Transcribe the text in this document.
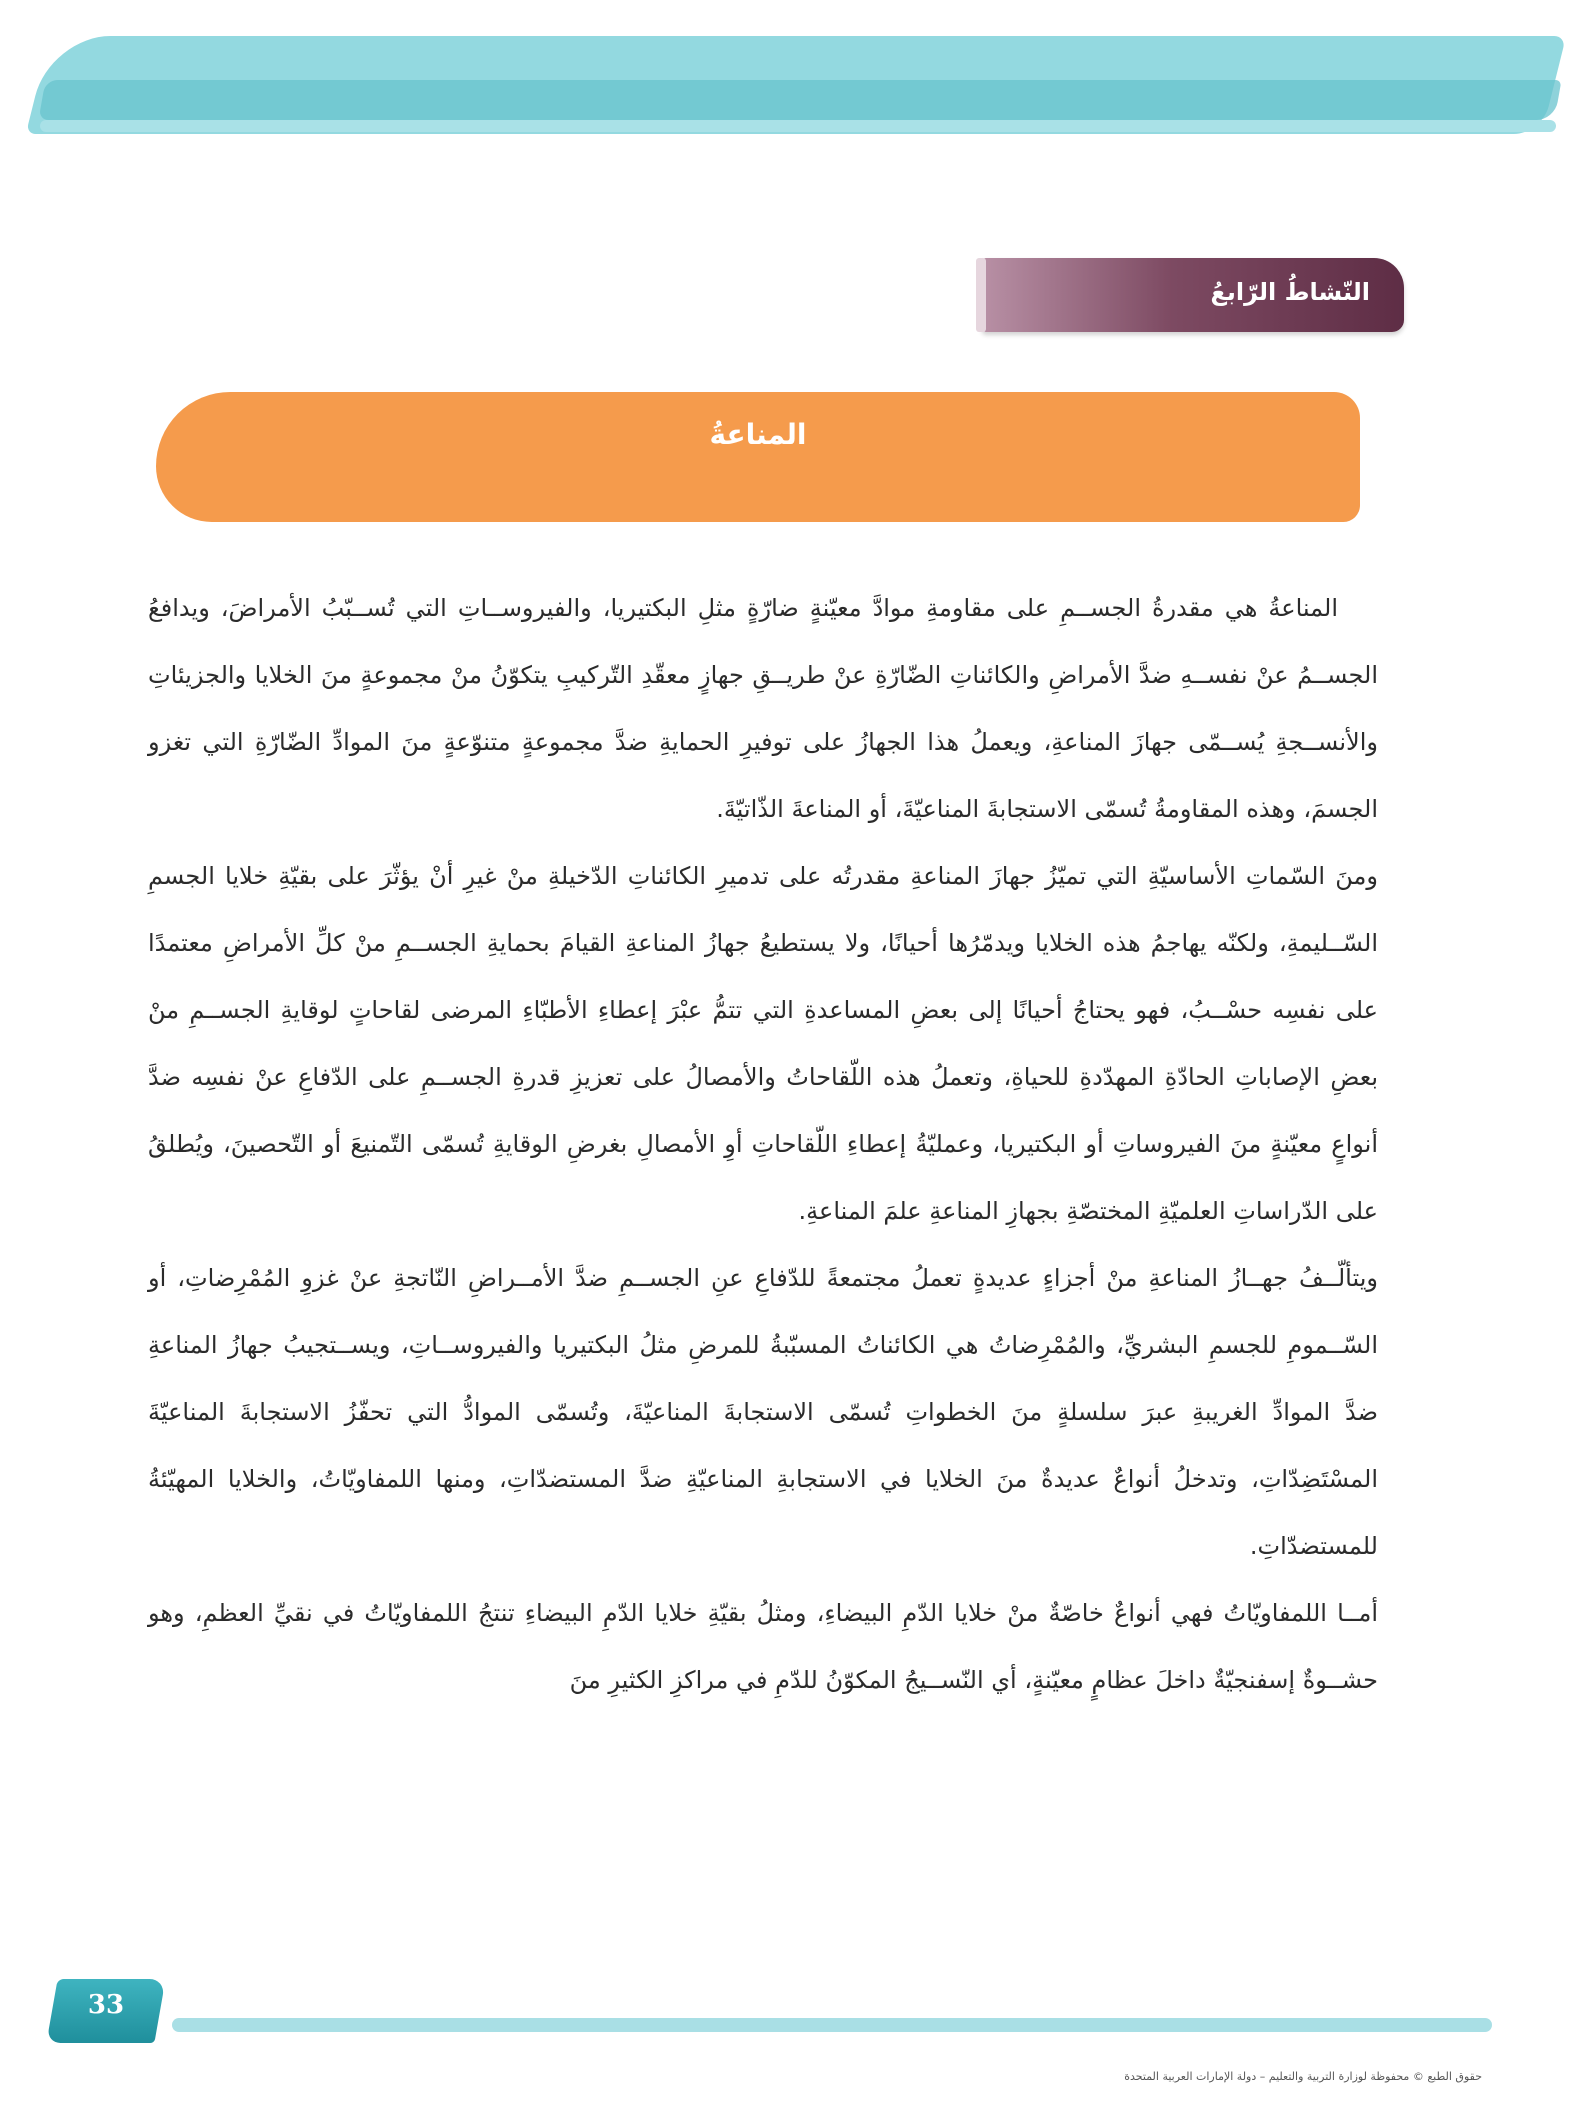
النّشاطُ الرّابعُ
المناعةُ

المناعةُ هي مقدرةُ الجســمِ على مقاومةِ موادَّ معيّنةٍ ضارّةٍ مثلِ البكتيريا، والفيروســاتِ التي تُســبّبُ الأمراضَ، ويدافعُ الجســمُ عنْ نفســهِ ضدَّ الأمراضِ والكائناتِ الضّارّةِ عنْ طريــقِ جهازٍ معقّدِ التّركيبِ يتكوّنُ منْ مجموعةٍ منَ الخلايا والجزيئاتِ والأنســجةِ يُســمّى جهازَ المناعةِ، ويعملُ هذا الجهازُ على توفيرِ الحمايةِ ضدَّ مجموعةٍ متنوّعةٍ منَ الموادِّ الضّارّةِ التي تغزو الجسمَ، وهذه المقاومةُ تُسمّى الاستجابةَ المناعيّةَ، أو المناعةَ الذّاتيّةَ.

ومنَ السّماتِ الأساسيّةِ التي تميّزُ جهازَ المناعةِ مقدرتُه على تدميرِ الكائناتِ الدّخيلةِ منْ غيرِ أنْ يؤثّرَ على بقيّةِ خلايا الجسمِ السّــليمةِ، ولكنّه يهاجمُ هذه الخلايا ويدمّرُها أحيانًا، ولا يستطيعُ جهازُ المناعةِ القيامَ بحمايةِ الجســمِ منْ كلِّ الأمراضِ معتمدًا على نفسِه حسْــبُ، فهو يحتاجُ أحيانًا إلى بعضِ المساعدةِ التي تتمُّ عبْرَ إعطاءِ الأطبّاءِ المرضى لقاحاتٍ لوقايةِ الجســمِ منْ بعضِ الإصاباتِ الحادّةِ المهدّدةِ للحياةِ، وتعملُ هذه اللّقاحاتُ والأمصالُ على تعزيزِ قدرةِ الجســمِ على الدّفاعِ عنْ نفسِه ضدَّ أنواعٍ معيّنةٍ منَ الفيروساتِ أو البكتيريا، وعمليّةُ إعطاءِ اللّقاحاتِ أوِ الأمصالِ بغرضِ الوقايةِ تُسمّى التّمنيعَ أو التّحصينَ، ويُطلقُ على الدّراساتِ العلميّةِ المختصّةِ بجهازِ المناعةِ علمَ المناعةِ.

ويتألّــفُ جهــازُ المناعةِ منْ أجزاءٍ عديدةٍ تعملُ مجتمعةً للدّفاعِ عنِ الجســمِ ضدَّ الأمــراضِ النّاتجةِ عنْ غزوِ المُمْرِضاتِ، أو السّــمومِ للجسمِ البشريِّ، والمُمْرِضاتُ هي الكائناتُ المسبّبةُ للمرضِ مثلُ البكتيريا والفيروســاتِ، ويســتجيبُ جهازُ المناعةِ ضدَّ الموادِّ الغريبةِ عبرَ سلسلةٍ منَ الخطواتِ تُسمّى الاستجابةَ المناعيّةَ، وتُسمّى الموادُّ التي تحفّزُ الاستجابةَ المناعيّةَ المسْتَضِدّاتِ، وتدخلُ أنواعٌ عديدةٌ منَ الخلايا في الاستجابةِ المناعيّةِ ضدَّ المستضدّاتِ، ومنها اللمفاويّاتُ، والخلايا المهيّئةُ للمستضدّاتِ.

أمــا اللمفاويّاتُ فهي أنواعٌ خاصّةٌ منْ خلايا الدّمِ البيضاءِ، ومثلُ بقيّةِ خلايا الدّمِ البيضاءِ تنتجُ اللمفاويّاتُ في نقيِّ العظمِ، وهو حشــوةٌ إسفنجيّةٌ داخلَ عظامٍ معيّنةٍ، أي النّســيجُ المكوّنُ للدّمِ في مراكزِ الكثيرِ منَ

33
حقوق الطبع © محفوظة لوزارة التربية والتعليم – دولة الإمارات العربية المتحدة
